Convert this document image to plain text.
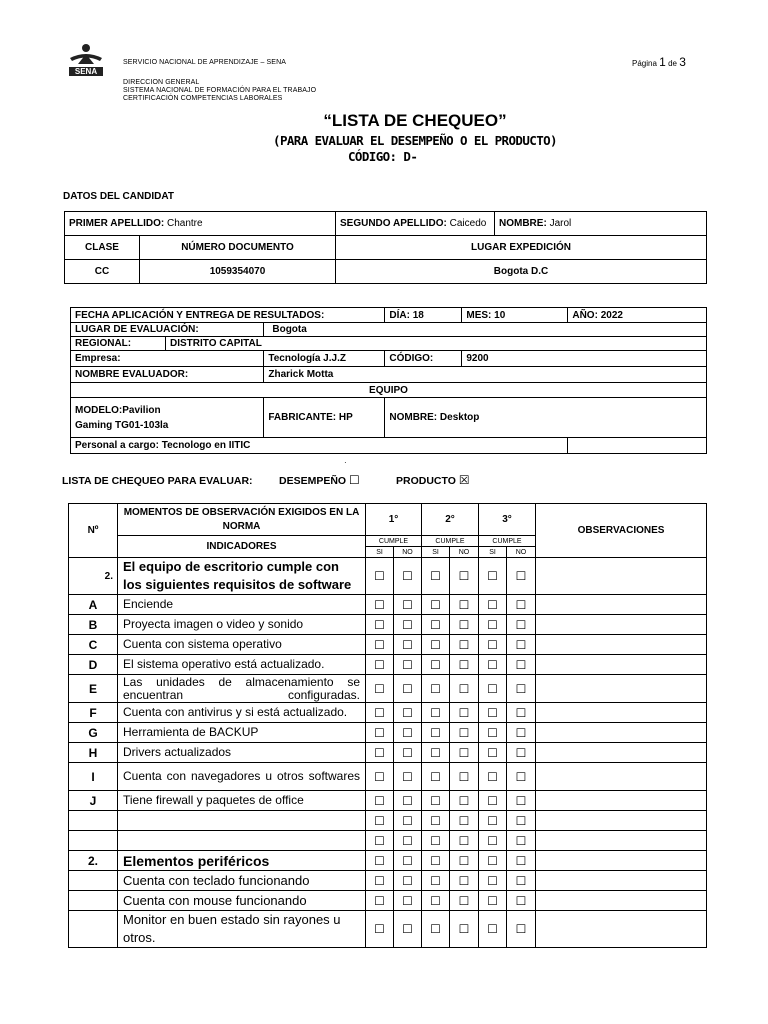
SENA
SERVICIO NACIONAL DE APRENDIZAJE – SENA
DIRECCION GENERAL
SISTEMA NACIONAL DE FORMACIÓN PARA EL TRABAJO
CERTIFICACIÓN COMPETENCIAS LABORALES
Página 1 de 3
“LISTA DE CHEQUEO”
(PARA EVALUAR EL DESEMPEÑO O EL PRODUCTO)
CÓDIGO: D-
DATOS DEL CANDIDAT
PRIMER APELLIDO: Chantre		SEGUNDO APELLIDO: Caicedo	NOMBRE: Jarol
CLASE	NÚMERO DOCUMENTO	LUGAR EXPEDICIÓN	
CC	1059354070	Bogota D.C	
FECHA APLICACIÓN Y ENTREGA DE RESULTADOS:			DÍA: 18	MES: 10	AÑO: 2022
LUGAR DE EVALUACIÓN:		Bogota			
REGIONAL:	DISTRITO CAPITAL				
Empresa:		Tecnología J.J.Z	CÓDIGO:	9200	
NOMBRE EVALUADOR:		Zharick Motta			
EQUIPO					
MODELO:Pavilion
Gaming TG01-103la		FABRICANTE: HP	NOMBRE: Desktop		
Personal a cargo: Tecnologo en IITIC					
·
LISTA DE CHEQUEO PARA EVALUAR:	DESEMPEÑO ☐	PRODUCTO ☒
Nº	MOMENTOS DE OBSERVACIÓN EXIGIDOS EN LA NORMA	1°		2°		3°		OBSERVACIONES
	INDICADORES	CUMPLE		CUMPLE		CUMPLE		
		SI	NO	SI	NO	SI	NO	
2.	El equipo de escritorio cumple con los siguientes requisitos de software	☐	☐	☐	☐	☐	☐	
A	Enciende	☐	☐	☐	☐	☐	☐	
B	Proyecta imagen o video y sonido	☐	☐	☐	☐	☐	☐	
C	Cuenta con sistema operativo	☐	☐	☐	☐	☐	☐	
D	El sistema operativo está actualizado.	☐	☐	☐	☐	☐	☐	
E	Las unidades de almacenamiento se encuentran configuradas.	☐	☐	☐	☐	☐	☐	
F	Cuenta con antivirus y si está actualizado.	☐	☐	☐	☐	☐	☐	
G	Herramienta de BACKUP	☐	☐	☐	☐	☐	☐	
H	Drivers actualizados	☐	☐	☐	☐	☐	☐	
I	Cuenta con navegadores u otros softwares	☐	☐	☐	☐	☐	☐	
J	Tiene firewall y paquetes de office	☐	☐	☐	☐	☐	☐	
		☐	☐	☐	☐	☐	☐	
		☐	☐	☐	☐	☐	☐	
2.	Elementos periféricos	☐	☐	☐	☐	☐	☐	
	Cuenta con teclado funcionando	☐	☐	☐	☐	☐	☐	
	Cuenta con mouse funcionando	☐	☐	☐	☐	☐	☐	
	Monitor en buen estado sin rayones u otros.	☐	☐	☐	☐	☐	☐	
